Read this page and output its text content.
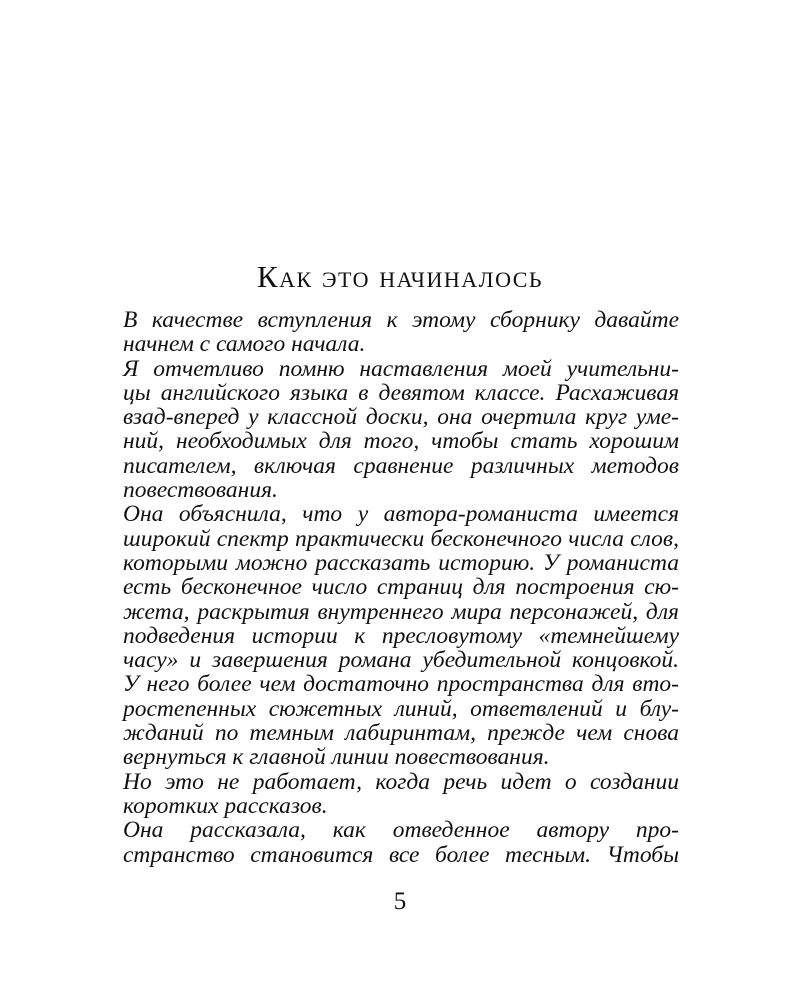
Как это начиналось

В качестве вступления к этому сборнику давайте
начнем с самого начала.

Я отчетливо помню наставления моей учительни-
цы английского языка в девятом классе. Расхаживая
взад-вперед у классной доски, она очертила круг уме-
ний, необходимых для того, чтобы стать хорошим
писателем, включая сравнение различных методов
повествования.

Она объяснила, что у автора-романиста имеется
широкий спектр практически бесконечного числа слов,
которыми можно рассказать историю. У романиста
есть бесконечное число страниц для построения сю-
жета, раскрытия внутреннего мира персонажей, для
подведения истории к пресловутому «темнейшему
часу» и завершения романа убедительной концовкой.
У него более чем достаточно пространства для вто-
ростепенных сюжетных линий, ответвлений и блу-
жданий по темным лабиринтам, прежде чем снова
вернуться к главной линии повествования.

Но это не работает, когда речь идет о создании
коротких рассказов.

Она рассказала, как отведенное автору про-
странство становится все более тесным. Чтобы

5
